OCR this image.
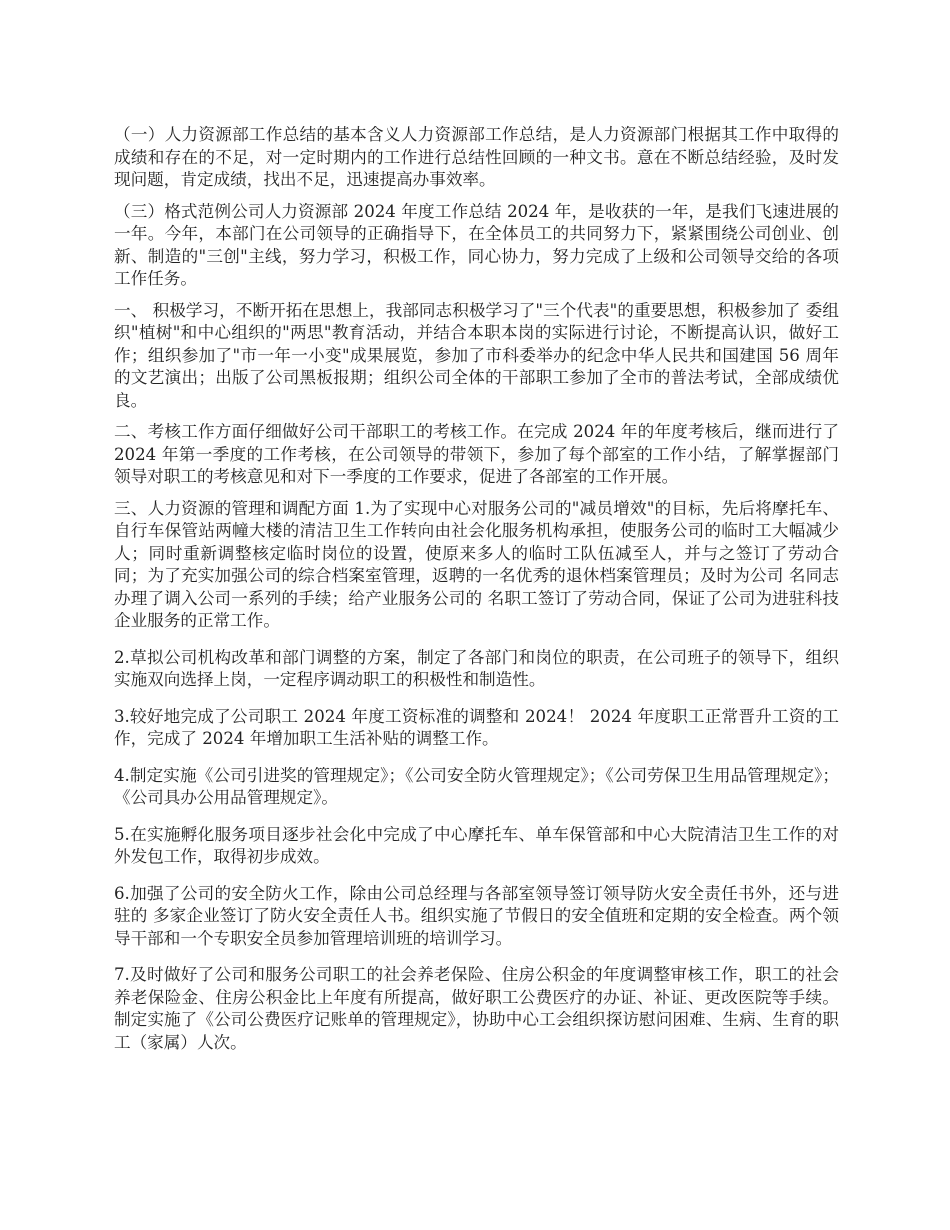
（一）人力资源部工作总结的基本含义人力资源部工作总结，是人力资源部门根据其工作中取得的成绩和存在的不足，对一定时期内的工作进行总结性回顾的一种文书。意在不断总结经验，及时发现问题，肯定成绩，找出不足，迅速提高办事效率。

（三）格式范例公司人力资源部 2024 年度工作总结 2024 年，是收获的一年，是我们飞速进展的一年。今年，本部门在公司领导的正确指导下，在全体员工的共同努力下，紧紧围绕公司创业、创新、制造的"三创"主线，努力学习，积极工作，同心协力，努力完成了上级和公司领导交给的各项工作任务。

一、 积极学习，不断开拓在思想上，我部同志积极学习了"三个代表"的重要思想，积极参加了 委组织"植树"和中心组织的"两思"教育活动，并结合本职本岗的实际进行讨论，不断提高认识，做好工作；组织参加了"市一年一小变"成果展览，参加了市科委举办的纪念中华人民共和国建国 56 周年的文艺演出；出版了公司黑板报期；组织公司全体的干部职工参加了全市的普法考试，全部成绩优良。

二、考核工作方面仔细做好公司干部职工的考核工作。在完成 2024 年的年度考核后，继而进行了 2024 年第一季度的工作考核，在公司领导的带领下，参加了每个部室的工作小结，了解掌握部门领导对职工的考核意见和对下一季度的工作要求，促进了各部室的工作开展。

三、人力资源的管理和调配方面 1.为了实现中心对服务公司的"减员增效"的目标，先后将摩托车、自行车保管站两幢大楼的清洁卫生工作转向由社会化服务机构承担，使服务公司的临时工大幅减少人；同时重新调整核定临时岗位的设置，使原来多人的临时工队伍减至人，并与之签订了劳动合同；为了充实加强公司的综合档案室管理，返聘的一名优秀的退休档案管理员；及时为公司 名同志办理了调入公司一系列的手续；给产业服务公司的 名职工签订了劳动合同，保证了公司为进驻科技企业服务的正常工作。

2.草拟公司机构改革和部门调整的方案，制定了各部门和岗位的职责，在公司班子的领导下，组织实施双向选择上岗，一定程序调动职工的积极性和制造性。

3.较好地完成了公司职工 2024 年度工资标准的调整和 2024！ 2024 年度职工正常晋升工资的工作，完成了 2024 年增加职工生活补贴的调整工作。

4.制定实施《公司引进奖的管理规定》；《公司安全防火管理规定》；《公司劳保卫生用品管理规定》；《公司具办公用品管理规定》。

5.在实施孵化服务项目逐步社会化中完成了中心摩托车、单车保管部和中心大院清洁卫生工作的对外发包工作，取得初步成效。

6.加强了公司的安全防火工作，除由公司总经理与各部室领导签订领导防火安全责任书外，还与进驻的 多家企业签订了防火安全责任人书。组织实施了节假日的安全值班和定期的安全检查。两个领导干部和一个专职安全员参加管理培训班的培训学习。

7.及时做好了公司和服务公司职工的社会养老保险、住房公积金的年度调整审核工作，职工的社会养老保险金、住房公积金比上年度有所提高，做好职工公费医疗的办证、补证、更改医院等手续。制定实施了《公司公费医疗记账单的管理规定》，协助中心工会组织探访慰问困难、生病、生育的职工（家属）人次。
